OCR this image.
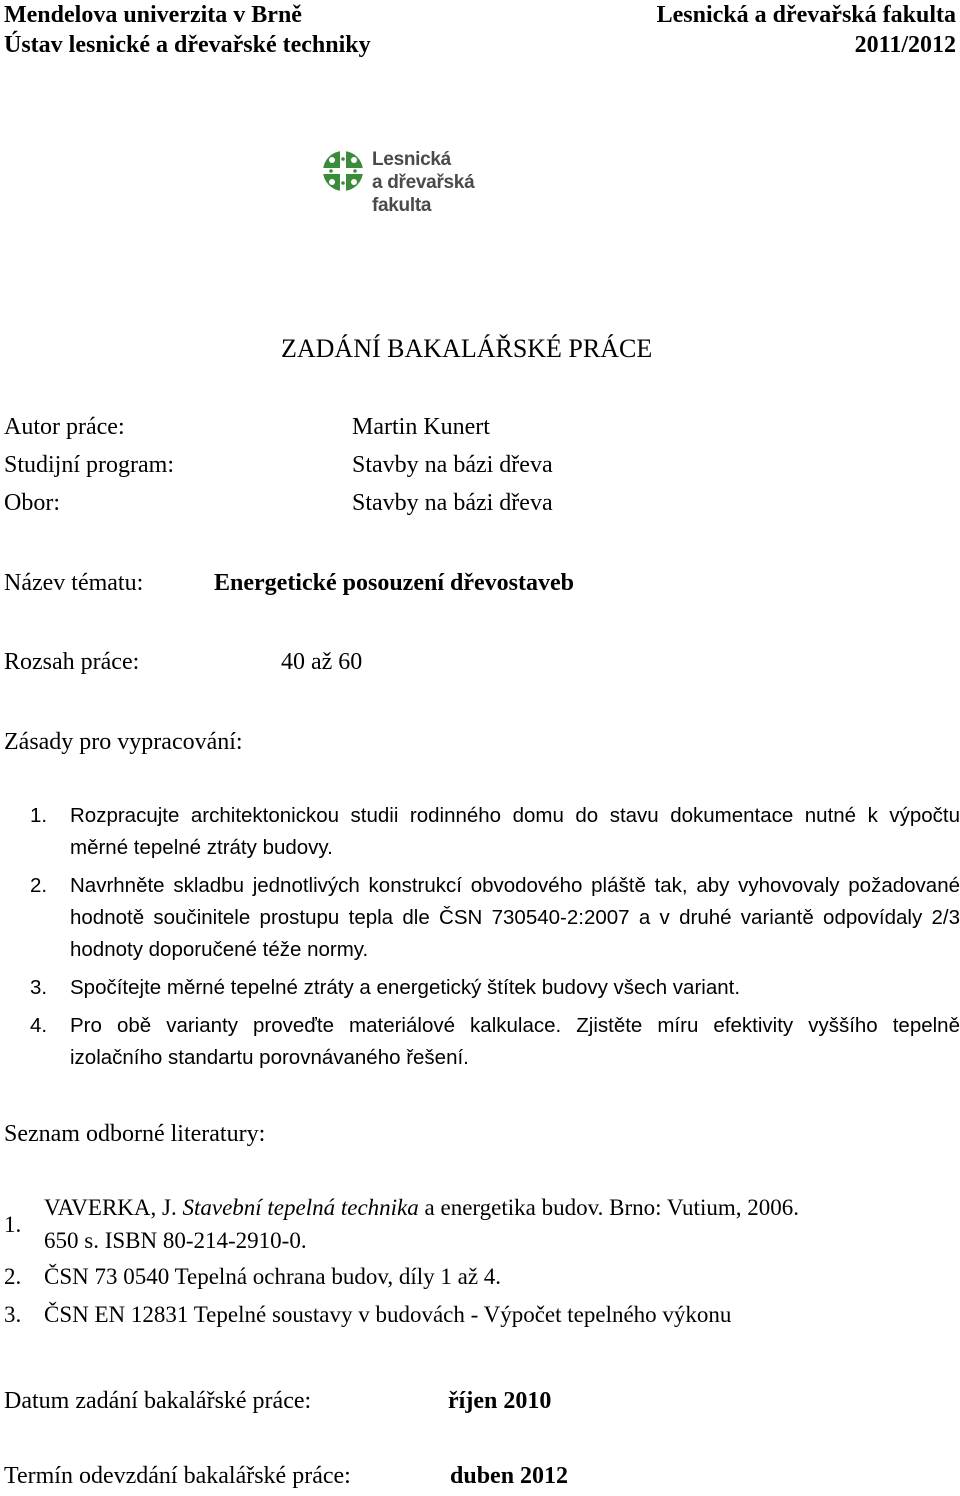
Mendelova univerzita v Brně
Ústav lesnické a dřevařské techniky
Lesnická a dřevařská fakulta
2011/2012
Lesnická
a dřevařská
fakulta
ZADÁNÍ BAKALÁŘSKÉ PRÁCE
Autor práce:	Martin Kunert
Studijní program:	Stavby na bázi dřeva
Obor:	Stavby na bázi dřeva
Název tématu:	Energetické posouzení dřevostaveb
Rozsah práce:	40 až 60
Zásady pro vypracování:
1.	Rozpracujte architektonickou studii rodinného domu do stavu dokumentace nutné k výpočtu měrné tepelné ztráty budovy.
2.	Navrhněte skladbu jednotlivých konstrukcí obvodového pláště tak, aby vyhovovaly požadované hodnotě součinitele prostupu tepla dle ČSN 730540-2:2007 a v druhé variantě odpovídaly 2/3 hodnoty doporučené téže normy.
3.	Spočítejte měrné tepelné ztráty a energetický štítek budovy všech variant.
4.	Pro obě varianty proveďte materiálové kalkulace. Zjistěte míru efektivity vyššího tepelně izolačního standartu porovnávaného řešení.
Seznam odborné literatury:
1.
VAVERKA, J. Stavební tepelná technika a energetika budov. Brno: Vutium, 2006.
650 s. ISBN 80-214-2910-0.
2. ČSN 73 0540 Tepelná ochrana budov, díly 1 až 4.
3. ČSN EN 12831 Tepelné soustavy v budovách - Výpočet tepelného výkonu
Datum zadání bakalářské práce:	říjen 2010
Termín odevzdání bakalářské práce:	duben 2012
